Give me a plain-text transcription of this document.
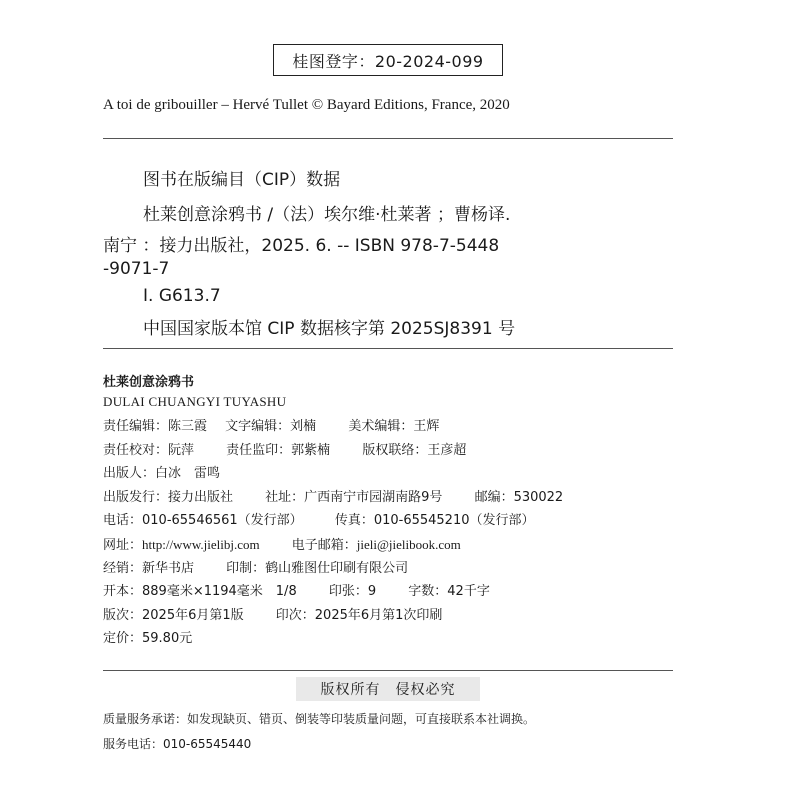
桂图登字：20-2024-099
A toi de gribouiller – Hervé Tullet © Bayard Editions, France, 2020
图书在版编目（CIP）数据
杜莱创意涂鸦书 /（法）埃尔维·杜莱著 ；曹杨译.
南宁 ：接力出版社，2025. 6. -- ISBN 978-7-5448
-9071-7
Ⅰ. G613.7
中国国家版本馆 CIP 数据核字第 2025SJ8391 号
杜莱创意涂鸦书
DULAI CHUANGYI TUYASHU
责任编辑：陈三霞 文字编辑：刘楠 美术编辑：王辉
责任校对：阮萍 责任监印：郭紫楠 版权联络：王彦超
出版人：白冰　雷鸣
出版发行：接力出版社 社址：广西南宁市园湖南路9号 邮编：530022
电话：010-65546561（发行部） 传真：010-65545210（发行部）
网址：http://www.jielibj.com 电子邮箱：jieli@jielibook.com
经销：新华书店 印制：鹤山雅图仕印刷有限公司
开本：889毫米×1194毫米　1/8 印张：9 字数：42千字
版次：2025年6月第1版 印次：2025年6月第1次印刷
定价：59.80元
版权所有　侵权必究
质量服务承诺：如发现缺页、错页、倒装等印装质量问题，可直接联系本社调换。
服务电话：010-65545440
